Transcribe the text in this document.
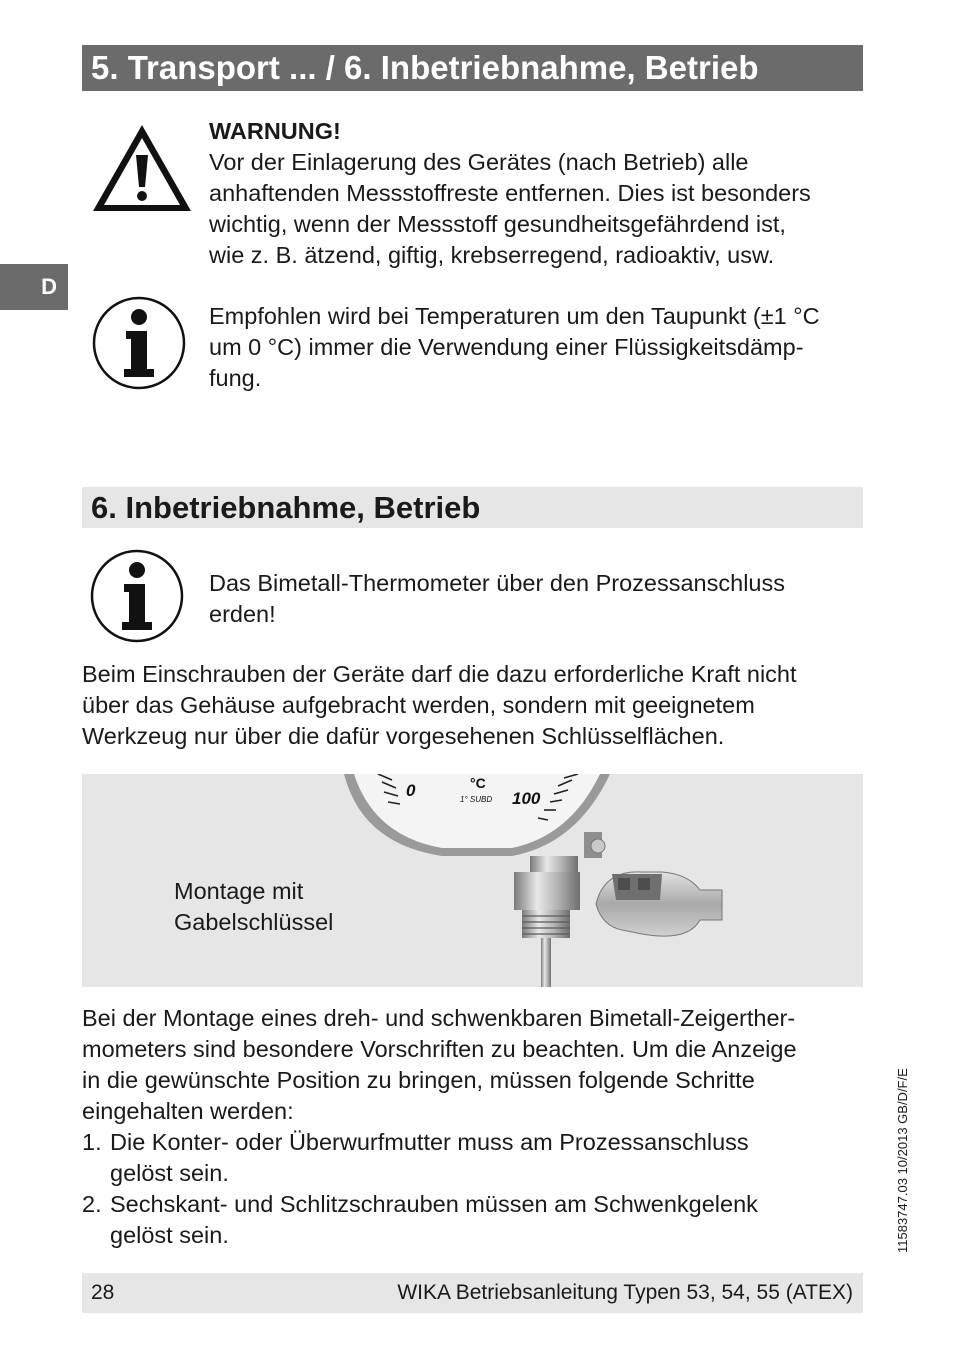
5. Transport ... / 6. Inbetriebnahme, Betrieb
D
WARNUNG!
Vor der Einlagerung des Gerätes (nach Betrieb) alle
anhaftenden Messstoffreste entfernen. Dies ist besonders
wichtig, wenn der Messstoff gesundheitsgefährdend ist,
wie z. B. ätzend, giftig, krebserregend, radioaktiv, usw.
Empfohlen wird bei Temperaturen um den Taupunkt (±1 °C
um 0 °C) immer die Verwendung einer Flüssigkeitsdämp-
fung.
6. Inbetriebnahme, Betrieb
Das Bimetall-Thermometer über den Prozessanschluss
erden!
Beim Einschrauben der Geräte darf die dazu erforderliche Kraft nicht
über das Gehäuse aufgebracht werden, sondern mit geeignetem
Werkzeug nur über die dafür vorgesehenen Schlüsselflächen.
Montage mit
Gabelschlüssel
0	°C
1° SUBD 100
Bei der Montage eines dreh- und schwenkbaren Bimetall-Zeigerther-
mometers sind besondere Vorschriften zu beachten. Um die Anzeige
in die gewünschte Position zu bringen, müssen folgende Schritte
eingehalten werden:
1. Die Konter- oder Überwurfmutter muss am Prozessanschluss
gelöst sein.
2. Sechskant- und Schlitzschrauben müssen am Schwenkgelenk
gelöst sein.	11583747.03 10/2013 GB/D/F/E
28	WIKA Betriebsanleitung Typen 53, 54, 55 (ATEX)
